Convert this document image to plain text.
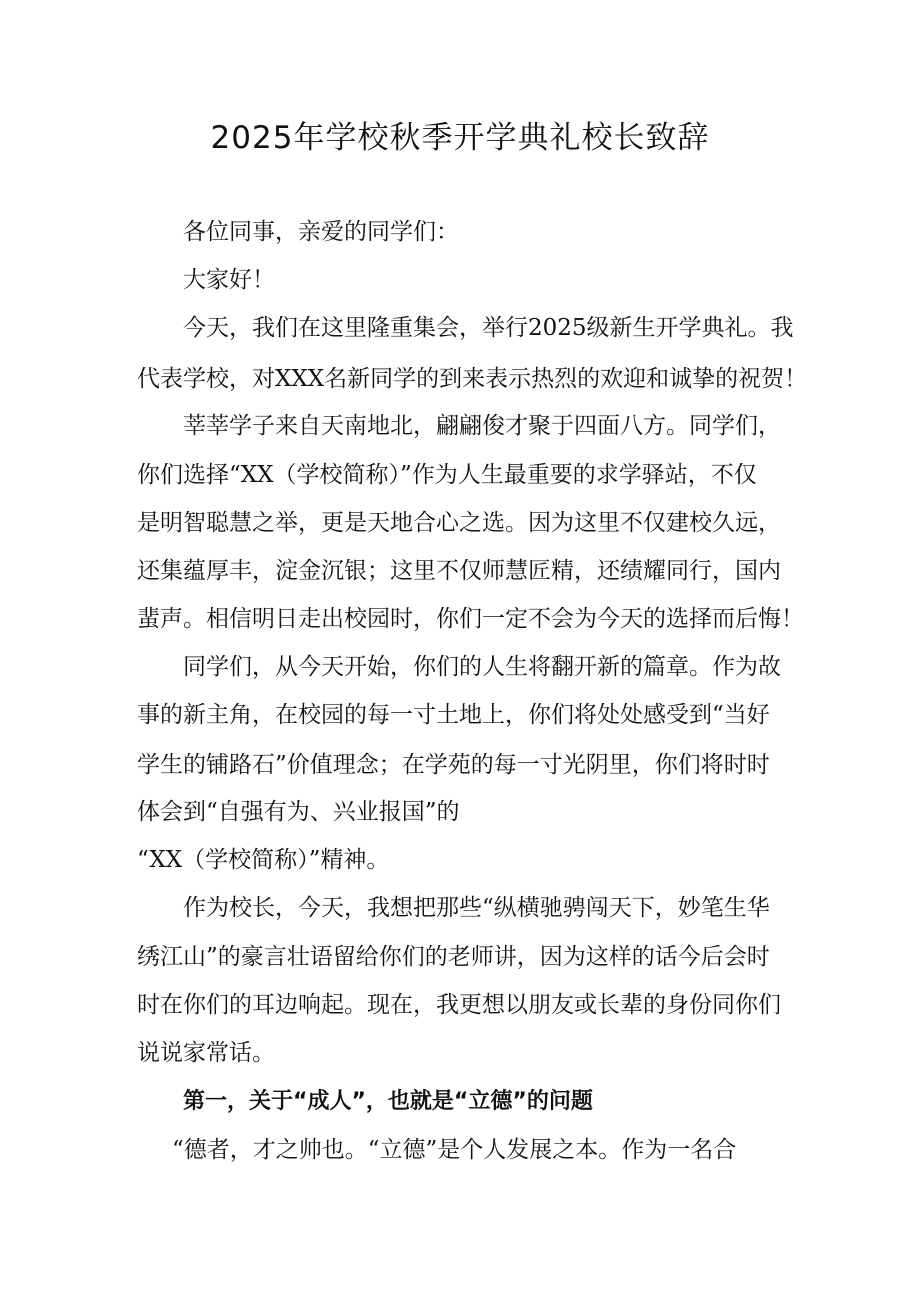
2025年学校秋季开学典礼校长致辞
各位同事，亲爱的同学们：
大家好！
今天，我们在这里隆重集会，举行2025级新生开学典礼。我
代表学校，对XXX名新同学的到来表示热烈的欢迎和诚挚的祝贺！
莘莘学子来自天南地北，翩翩俊才聚于四面八方。同学们，
你们选择“XX（学校简称）”作为人生最重要的求学驿站，不仅
是明智聪慧之举，更是天地合心之选。因为这里不仅建校久远，
还集蕴厚丰，淀金沉银；这里不仅师慧匠精，还绩耀同行，国内
蜚声。相信明日走出校园时，你们一定不会为今天的选择而后悔！
同学们，从今天开始，你们的人生将翻开新的篇章。作为故
事的新主角，在校园的每一寸土地上，你们将处处感受到“当好
学生的铺路石”价值理念；在学苑的每一寸光阴里，你们将时时
体会到“自强有为、兴业报国”的
“XX（学校简称）”精神。
作为校长，今天，我想把那些“纵横驰骋闯天下，妙笔生华
绣江山”的豪言壮语留给你们的老师讲，因为这样的话今后会时
时在你们的耳边响起。现在，我更想以朋友或长辈的身份同你们
说说家常话。
第一，关于“成人”，也就是“立德”的问题
“德者，才之帅也。“立德”是个人发展之本。作为一名合
